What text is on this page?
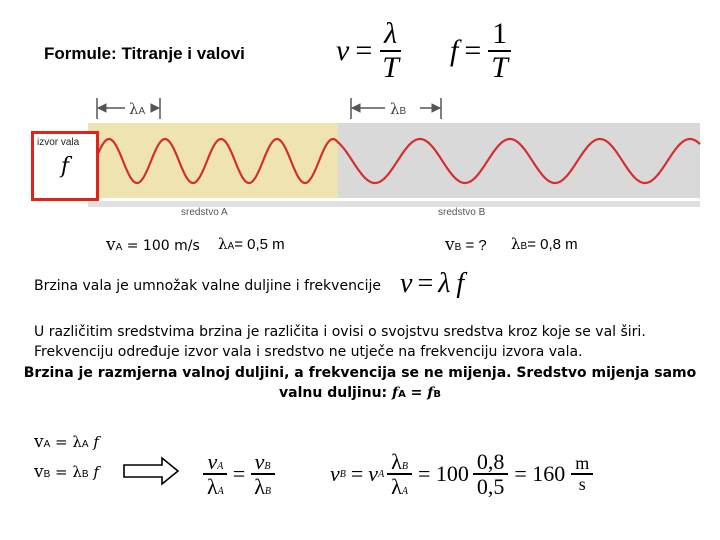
Formule: Titranje i valovi	$v = \frac{\lambda}{T}$ $f = \frac{1}{T}$
λA	λB
izvor vala
f
sredstvo A	sredstvo B
vA = 100 m/s λA= 0,5 m	vB = ? λB= 0,8 m
Brzina vala je umnožak valne duljine i frekvencije v = λ f
U različitim sredstvima brzina je različita i ovisi o svojstvu sredstva kroz koje se val širi.
Frekvenciju određuje izvor vala i sredstvo ne utječe na frekvenciju izvora vala.
Brzina je razmjerna valnoj duljini, a frekvencija se ne mijenja. Sredstvo mijenja samo
valnu duljinu: fA = fB
vA = λA f
vB = λB f	$\frac{vA}{\lambda A} = \frac{vB}{\lambda B}$	v B = v A $\frac{\lambda B}{\lambda A} = 100 \frac{0,8}{0,5} = 160 \frac{m}{s}$
